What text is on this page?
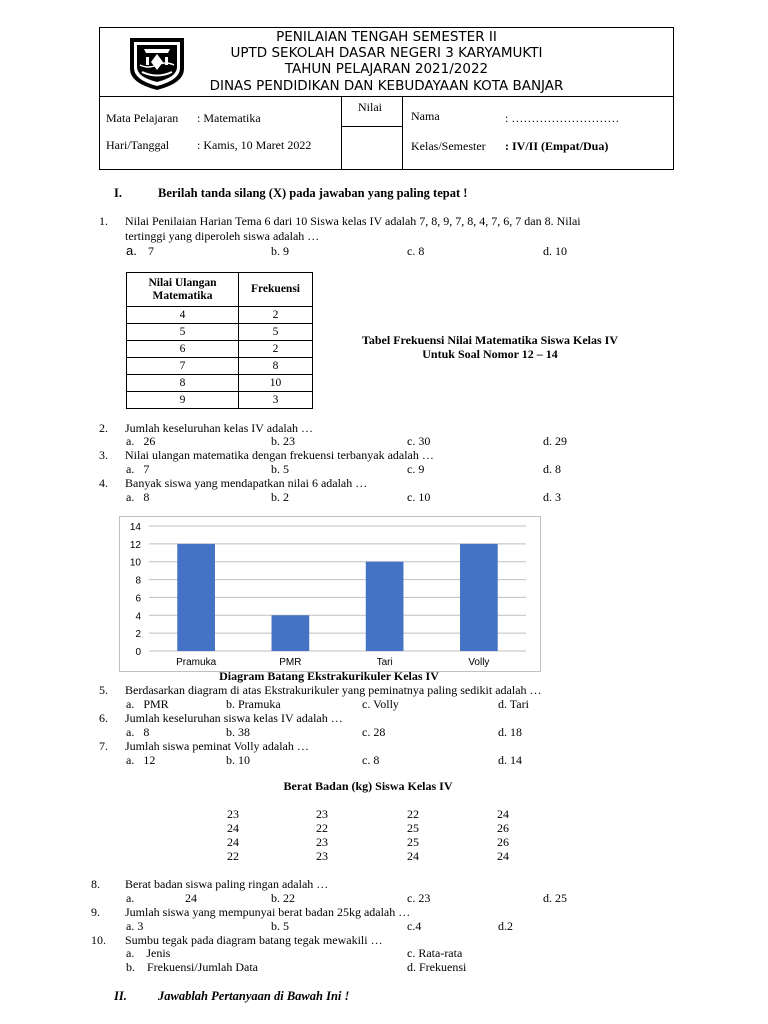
PENILAIAN TENGAH SEMESTER II
UPTD SEKOLAH DASAR NEGERI 3 KARYAMUKTI
TAHUN PELAJARAN 2021/2022
DINAS PENDIDIKAN DAN KEBUDAYAAN KOTA BANJAR
Mata Pelajaran : Matematika
Hari/Tanggal : Kamis, 10 Maret 2022
Nilai
Nama	: ………………………
Kelas/Semester : IV/II (Empat/Dua)
I.	Berilah tanda silang (X) pada jawaban yang paling tepat !
1. Nilai Penilaian Harian Tema 6 dari 10 Siswa kelas IV adalah 7, 8, 9, 7, 8, 4, 7, 6, 7 dan 8. Nilai
tertinggi yang diperoleh siswa adalah …
a. 7	b. 9	c. 8	d. 10
Nilai Ulangan Matematika	Frekuensi
4	2
5	5
6	2
7	8
8	10
9	3
Tabel Frekuensi Nilai Matematika Siswa Kelas IV
Untuk Soal Nomor 12 – 14
2. Jumlah keseluruhan kelas IV adalah …
a.   26	b. 23	c. 30	d. 29
3. Nilai ulangan matematika dengan frekuensi terbanyak adalah …
a.   7	b. 5	c. 9	d. 8
4. Banyak siswa yang mendapatkan nilai 6 adalah …
a.   8	b. 2	c. 10	d. 3
0
2
4
6
8
10
12
14
Pramuka	PMR	Tari	Volly
Diagram Batang Ekstrakurikuler Kelas IV
5. Berdasarkan diagram di atas Ekstrakurikuler yang peminatnya paling sedikit adalah …
a.   PMR	b. Pramuka	c. Volly	d. Tari
6. Jumlah keseluruhan siswa kelas IV adalah …
a.   8	b. 38	c. 28	d. 18
7. Jumlah siswa peminat Volly adalah …
a.   12	b. 10	c. 8	d. 14
Berat Badan (kg) Siswa Kelas IV
23	23	22	24
24	22	25	26
24	23	25	26
22	23	24	24
8. Berat badan siswa paling ringan adalah …
a.	24	b. 22	c. 23	d. 25
9. Jumlah siswa yang mempunyai berat badan 25kg adalah …
a. 3	b. 5	c.4	d.2
10. Sumbu tegak pada diagram batang tegak mewakili …
a.    Jenis	c. Rata-rata
b.    Frekuensi/Jumlah Data	d. Frekuensi
II. Jawablah Pertanyaan di Bawah Ini !
